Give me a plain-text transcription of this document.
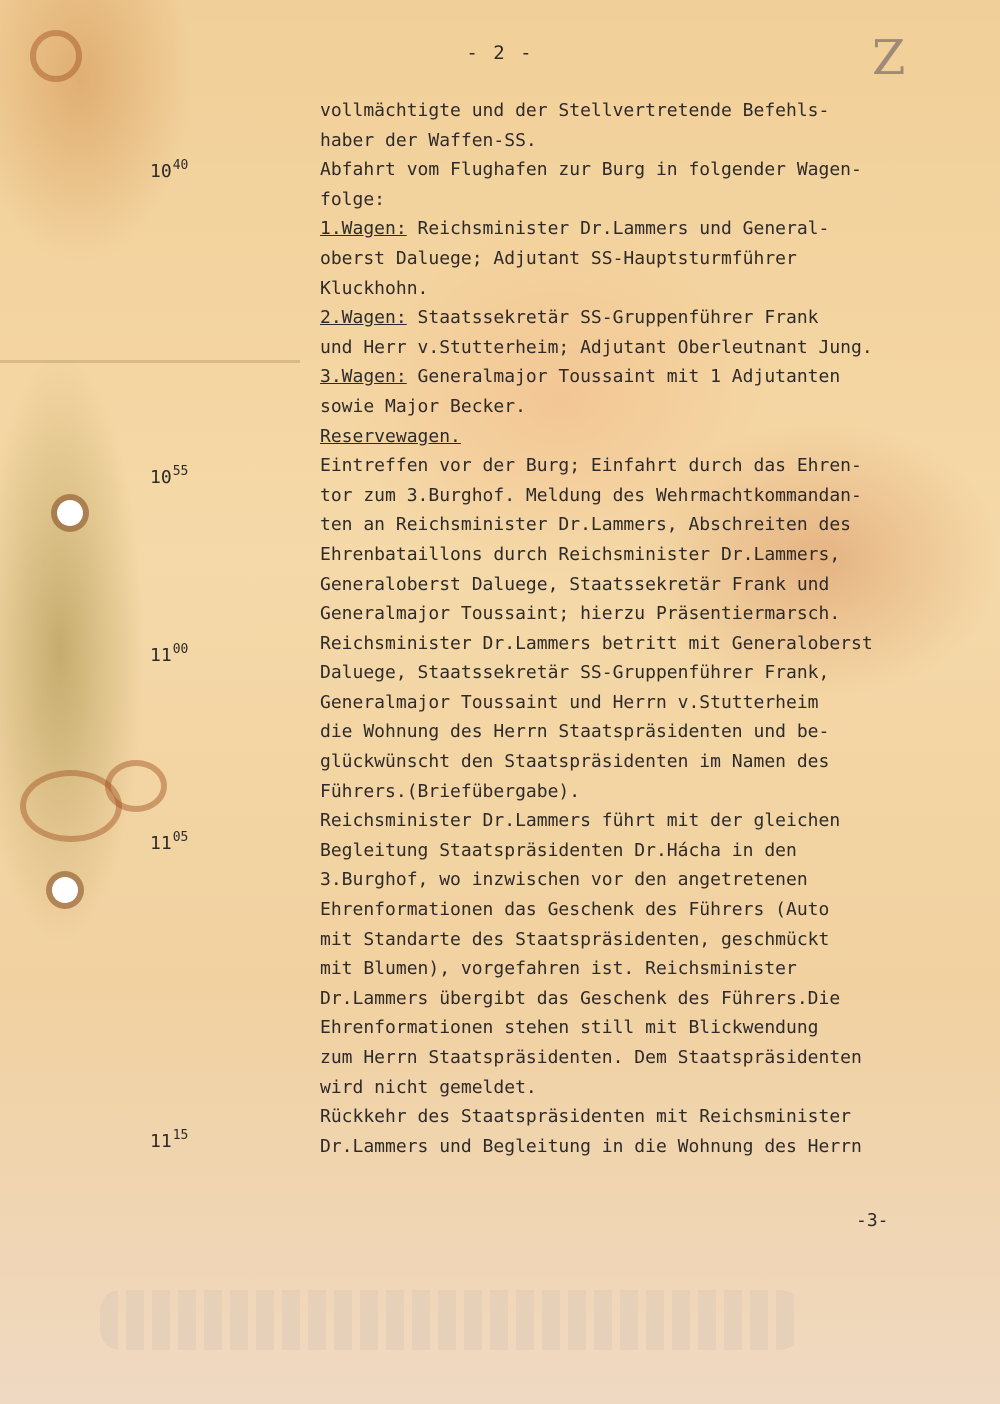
- 2 -	Z
$10^{40}$
$10^{55}$
$11^{00}$
$11^{05}$
$11^{15}$
vollmächtigte und der Stellvertretende Befehls-
haber der Waffen-SS.
Abfahrt vom Flughafen zur Burg in folgender Wagen-
folge:
1.Wagen: Reichsminister Dr.Lammers und General-
oberst Daluege; Adjutant SS-Hauptsturmführer
Kluckhohn.
2.Wagen: Staatssekretär SS-Gruppenführer Frank
und Herr v.Stutterheim; Adjutant Oberleutnant Jung.
3.Wagen: Generalmajor Toussaint mit 1 Adjutanten
sowie Major Becker.
Reservewagen.
Eintreffen vor der Burg; Einfahrt durch das Ehren-
tor zum 3.Burghof. Meldung des Wehrmachtkommandan-
ten an Reichsminister Dr.Lammers, Abschreiten des
Ehrenbataillons durch Reichsminister Dr.Lammers,
Generaloberst Daluege, Staatssekretär Frank und
Generalmajor Toussaint; hierzu Präsentiermarsch.
Reichsminister Dr.Lammers betritt mit Generaloberst
Daluege, Staatssekretär SS-Gruppenführer Frank,
Generalmajor Toussaint und Herrn v.Stutterheim
die Wohnung des Herrn Staatspräsidenten und be-
glückwünscht den Staatspräsidenten im Namen des
Führers.(Briefübergabe).
Reichsminister Dr.Lammers führt mit der gleichen
Begleitung Staatspräsidenten Dr.Hácha in den
3.Burghof, wo inzwischen vor den angetretenen
Ehrenformationen das Geschenk des Führers (Auto
mit Standarte des Staatspräsidenten, geschmückt
mit Blumen), vorgefahren ist. Reichsminister
Dr.Lammers übergibt das Geschenk des Führers.Die
Ehrenformationen stehen still mit Blickwendung
zum Herrn Staatspräsidenten. Dem Staatspräsidenten
wird nicht gemeldet.
Rückkehr des Staatspräsidenten mit Reichsminister
Dr.Lammers und Begleitung in die Wohnung des Herrn
-3-
